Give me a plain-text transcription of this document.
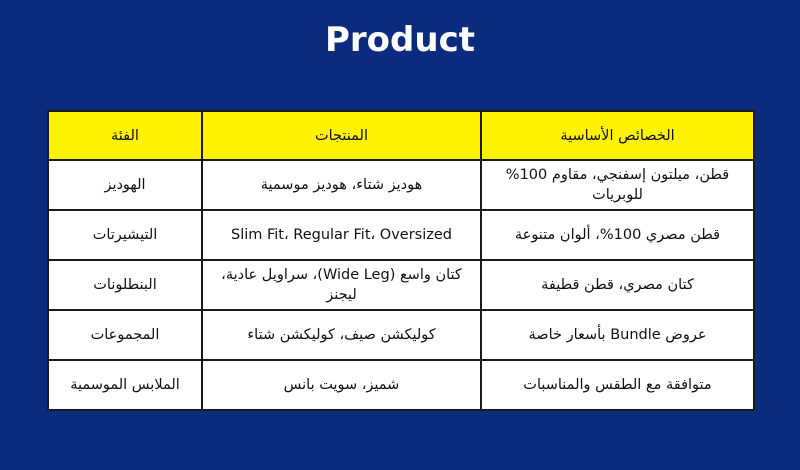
Product
الخصائص الأساسية	المنتجات	الفئة
قطن، ميلتون إسفنجي، مقاوم 100% للوبريات	هوديز شتاء، هوديز موسمية	الهوديز
قطن مصري 100%، ألوان متنوعة	Slim Fit، Regular Fit، Oversized	التيشيرتات
كتان مصري، قطن قطيفة	كتان واسع (Wide Leg)، سراويل عادية، ليجنز	البنطلونات
عروض Bundle بأسعار خاصة	كوليكشن صيف، كوليكشن شتاء	المجموعات
متوافقة مع الطقس والمناسبات	شميز، سويت بانس	الملابس الموسمية
